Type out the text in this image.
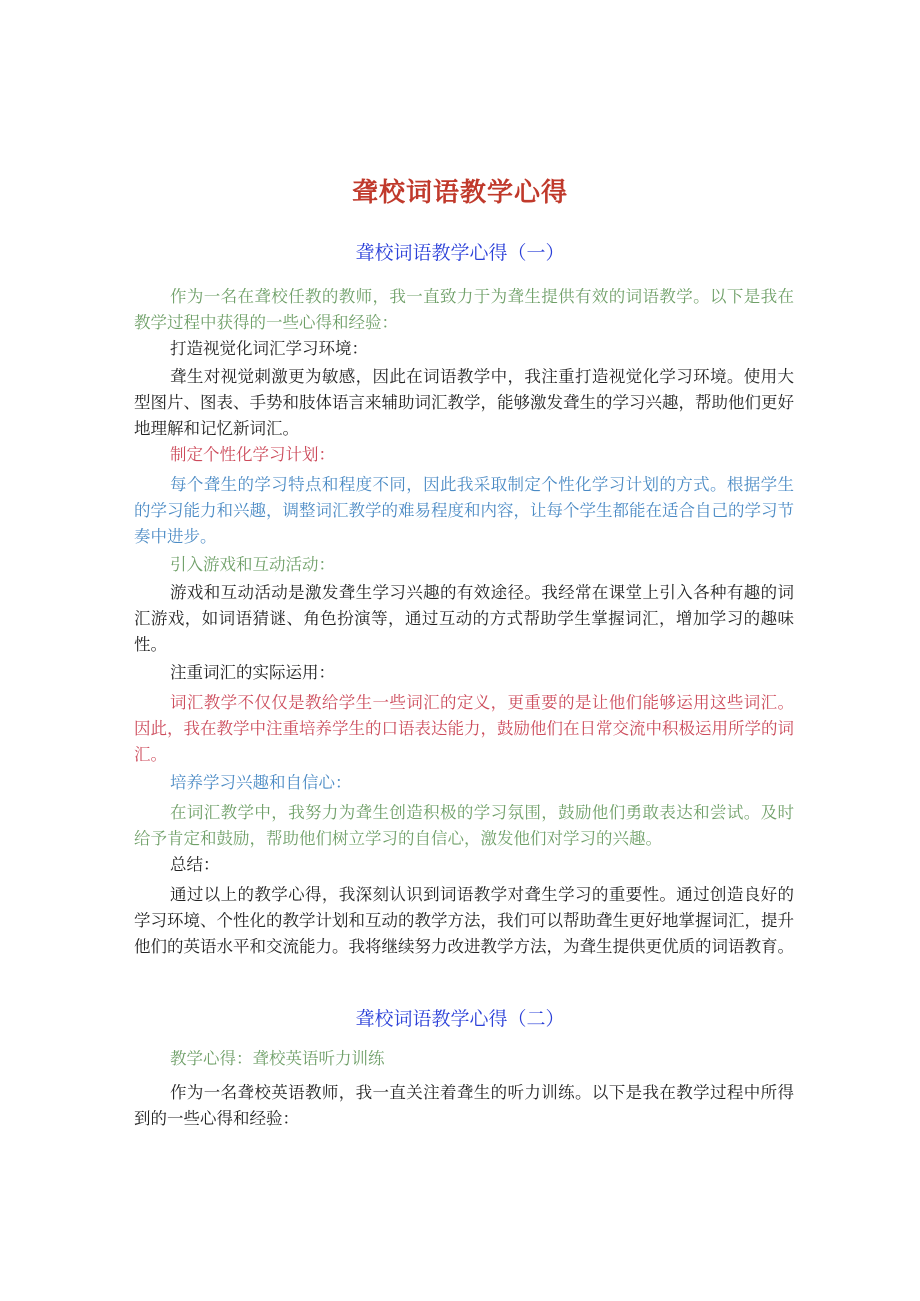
聋校词语教学心得
聋校词语教学心得（一）

作为一名在聋校任教的教师，我一直致力于为聋生提供有效的词语教学。以下是我在教学过程中获得的一些心得和经验：

打造视觉化词汇学习环境：

聋生对视觉刺激更为敏感，因此在词语教学中，我注重打造视觉化学习环境。使用大型图片、图表、手势和肢体语言来辅助词汇教学，能够激发聋生的学习兴趣，帮助他们更好地理解和记忆新词汇。

制定个性化学习计划：

每个聋生的学习特点和程度不同，因此我采取制定个性化学习计划的方式。根据学生的学习能力和兴趣，调整词汇教学的难易程度和内容，让每个学生都能在适合自己的学习节奏中进步。

引入游戏和互动活动：

游戏和互动活动是激发聋生学习兴趣的有效途径。我经常在课堂上引入各种有趣的词汇游戏，如词语猜谜、角色扮演等，通过互动的方式帮助学生掌握词汇，增加学习的趣味性。

注重词汇的实际运用：

词汇教学不仅仅是教给学生一些词汇的定义，更重要的是让他们能够运用这些词汇。因此，我在教学中注重培养学生的口语表达能力，鼓励他们在日常交流中积极运用所学的词汇。

培养学习兴趣和自信心：

在词汇教学中，我努力为聋生创造积极的学习氛围，鼓励他们勇敢表达和尝试。及时给予肯定和鼓励，帮助他们树立学习的自信心，激发他们对学习的兴趣。

总结：

通过以上的教学心得，我深刻认识到词语教学对聋生学习的重要性。通过创造良好的学习环境、个性化的教学计划和互动的教学方法，我们可以帮助聋生更好地掌握词汇，提升他们的英语水平和交流能力。我将继续努力改进教学方法，为聋生提供更优质的词语教育。

聋校词语教学心得（二）

教学心得：聋校英语听力训练

作为一名聋校英语教师，我一直关注着聋生的听力训练。以下是我在教学过程中所得到的一些心得和经验：
